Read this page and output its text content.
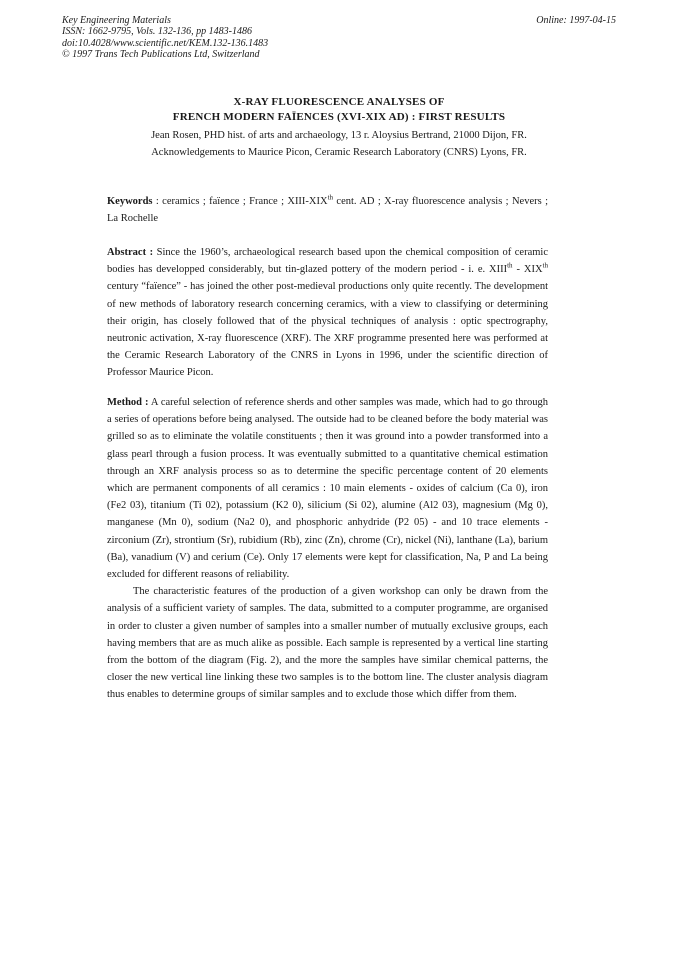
Key Engineering Materials
ISSN: 1662-9795, Vols. 132-136, pp 1483-1486
doi:10.4028/www.scientific.net/KEM.132-136.1483
© 1997 Trans Tech Publications Ltd, Switzerland
Online: 1997-04-15
X-RAY FLUORESCENCE ANALYSES OF
FRENCH MODERN FAÏENCES (XVI-XIX AD) : FIRST RESULTS
Jean Rosen, PHD hist. of arts and archaeology, 13 r. Aloysius Bertrand, 21000 Dijon, FR.
Acknowledgements to Maurice Picon, Ceramic Research Laboratory (CNRS) Lyons, FR.
Keywords : ceramics ; faïence ; France ; XIII-XIXth cent. AD ; X-ray fluorescence analysis ; Nevers ; La Rochelle
Abstract : Since the 1960’s, archaeological research based upon the chemical composition of ceramic bodies has developped considerably, but tin-glazed pottery of the modern period - i. e. XIIIth - XIXth century “faïence” - has joined the other post-medieval productions only quite recently. The development of new methods of laboratory research concerning ceramics, with a view to classifying or determining their origin, has closely followed that of the physical techniques of analysis : optic spectrography, neutronic activation, X-ray fluorescence (XRF). The XRF programme presented here was performed at the Ceramic Research Laboratory of the CNRS in Lyons in 1996, under the scientific direction of Professor Maurice Picon.
Method : A careful selection of reference sherds and other samples was made, which had to go through a series of operations before being analysed. The outside had to be cleaned before the body material was grilled so as to eliminate the volatile constituents ; then it was ground into a powder transformed into a glass pearl through a fusion process. It was eventually submitted to a quantitative chemical estimation through an XRF analysis process so as to determine the specific percentage content of 20 elements which are permanent components of all ceramics : 10 main elements - oxides of calcium (Ca 0), iron (Fe2 03), titanium (Ti 02), potassium (K2 0), silicium (Si 02), alumine (Al2 03), magnesium (Mg 0), manganese (Mn 0), sodium (Na2 0), and phosphoric anhydride (P2 05) - and 10 trace elements - zirconium (Zr), strontium (Sr), rubidium (Rb), zinc (Zn), chrome (Cr), nickel (Ni), lanthane (La), barium (Ba), vanadium (V) and cerium (Ce). Only 17 elements were kept for classification, Na, P and La being excluded for different reasons of reliability.
The characteristic features of the production of a given workshop can only be drawn from the analysis of a sufficient variety of samples. The data, submitted to a computer programme, are organised in order to cluster a given number of samples into a smaller number of mutually exclusive groups, each having members that are as much alike as possible. Each sample is represented by a vertical line starting from the bottom of the diagram (Fig. 2), and the more the samples have similar chemical patterns, the closer the new vertical line linking these two samples is to the bottom line. The cluster analysis diagram thus enables to determine groups of similar samples and to exclude those which differ from them.
